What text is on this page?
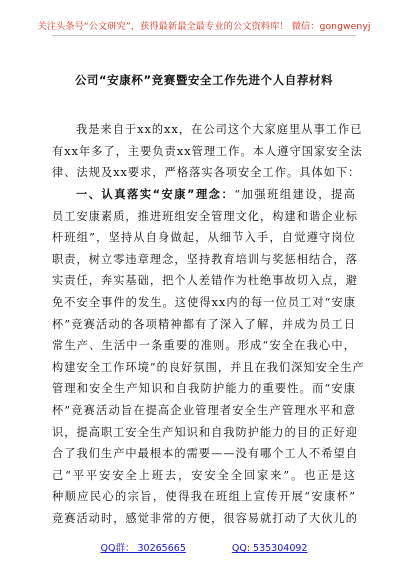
关注头条号“公文研究”，获得最新最全最专业的公文资料库！ 微信：gongwenyj
公司“安康杯”竞赛暨安全工作先进个人自荐材料
我是来自于xx的xx，在公司这个大家庭里从事工作已
有xx年多了，主要负责xx管理工作。本人遵守国家安全法
律、法规及xx要求，严格落实各项安全工作。具体如下：
一、认真落实“安康”理念：“加强班组建设，提高
员工安康素质，推进班组安全管理文化，构建和谐企业标
杆班组”，坚持从自身做起，从细节入手，自觉遵守岗位
职责，树立零违章理念，坚持教育培训与奖惩相结合，落
实责任，奔实基础，把个人差错作为杜绝事故切入点，避
免不安全事件的发生。这使得xx内的每一位员工对“安康
杯”竞赛活动的各项精神都有了深入了解，并成为员工日
常生产、生活中一条重要的准则。形成“安全在我心中，
构建安全工作环境”的良好氛围，并且在我们深知安全生产
管理和安全生产知识和自我防护能力的重要性。而“安康
杯”竞赛活动旨在提高企业管理者安全生产管理水平和意
识，提高职工安全生产知识和自我防护能力的目的正好迎
合了我们生产中最根本的需要——没有哪个工人不希望自
己“平平安安全上班去，安安全全回家来”。也正是这
种顺应民心的宗旨，使得我在班组上宣传开展“安康杯”
竞赛活动时，感觉非常的方便，很容易就打动了大伙儿的
QQ群： 30265665	QQ: 535304092
